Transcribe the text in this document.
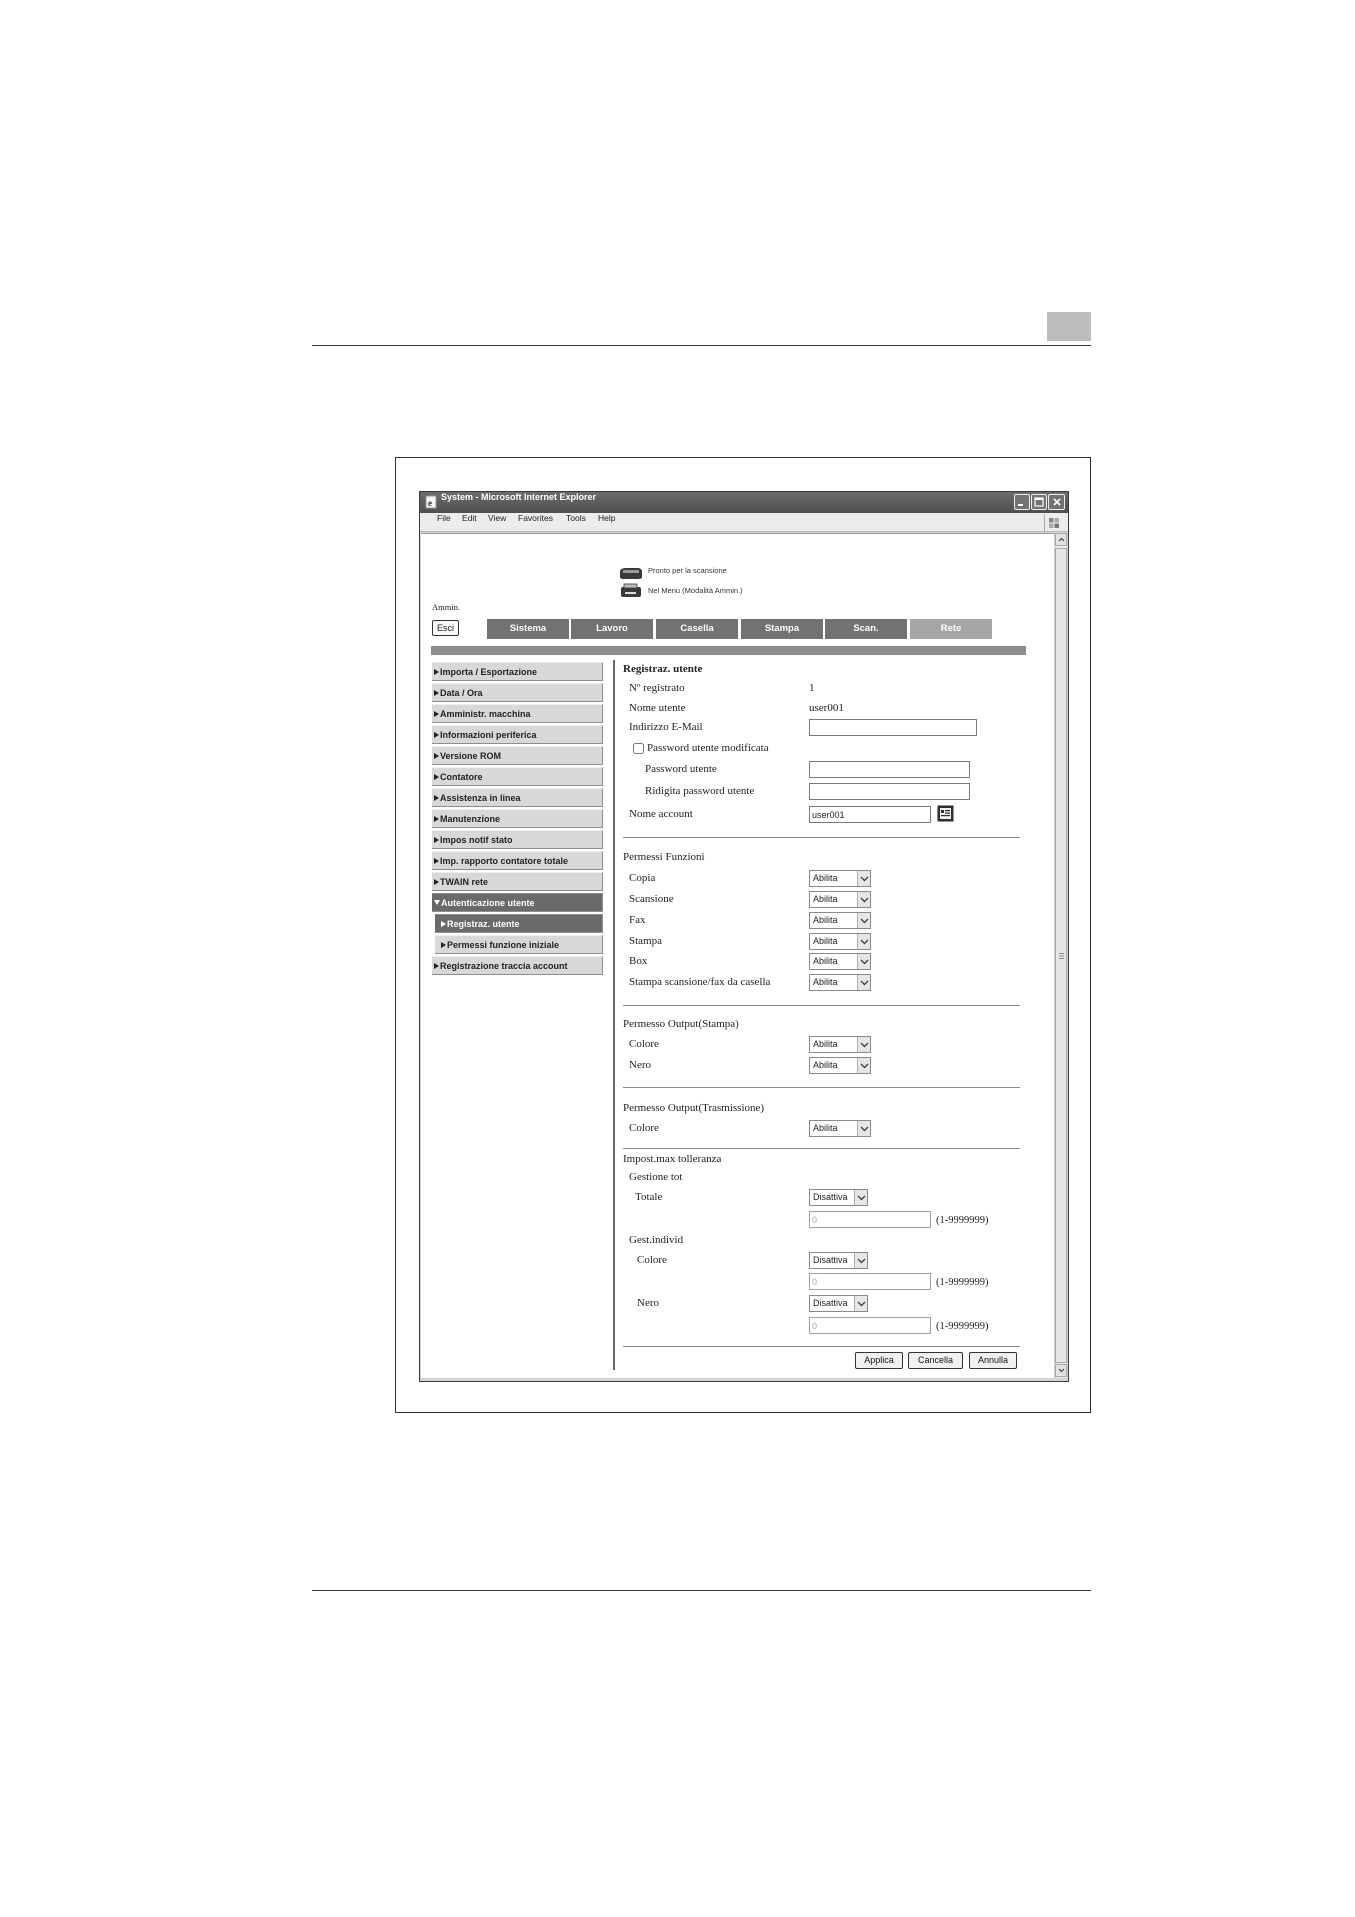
e
System - Microsoft Internet Explorer
File Edit View Favorites Tools Help
Pronto per la scansione
Nel Menu (Modalità Ammin.)
Ammin.
Esci	Sistema	Lavoro	Casella	Stampa	Scan.	Rete
Importa / Esportazione
Data / Ora
Amministr. macchina
Informazioni periferica
Versione ROM
Contatore
Assistenza in linea
Manutenzione
Impos notif stato
Imp. rapporto contatore totale
TWAIN rete
Autenticazione utente
Registraz. utente
Permessi funzione iniziale
Registrazione traccia account
Registraz. utente
Nº registrato	1
Nome utente	user001
Indirizzo E-Mail
Password utente modificata
Password utente
Ridigita password utente
Nome account
user001
Permessi Funzioni
Copia	Abilita
Scansione	Abilita
Fax	Abilita
Stampa	Abilita
Box	Abilita
Stampa scansione/fax da casella	Abilita
Permesso Output(Stampa)
Colore	Abilita
Nero	Abilita
Permesso Output(Trasmissione)
Colore	Abilita
Impost.max tolleranza
Gestione tot
Totale	Disattiva
0
(1-9999999)
Gest.individ
Colore	Disattiva
0
(1-9999999)
Nero	Disattiva
0
(1-9999999)
Applica	Cancella	Annulla
